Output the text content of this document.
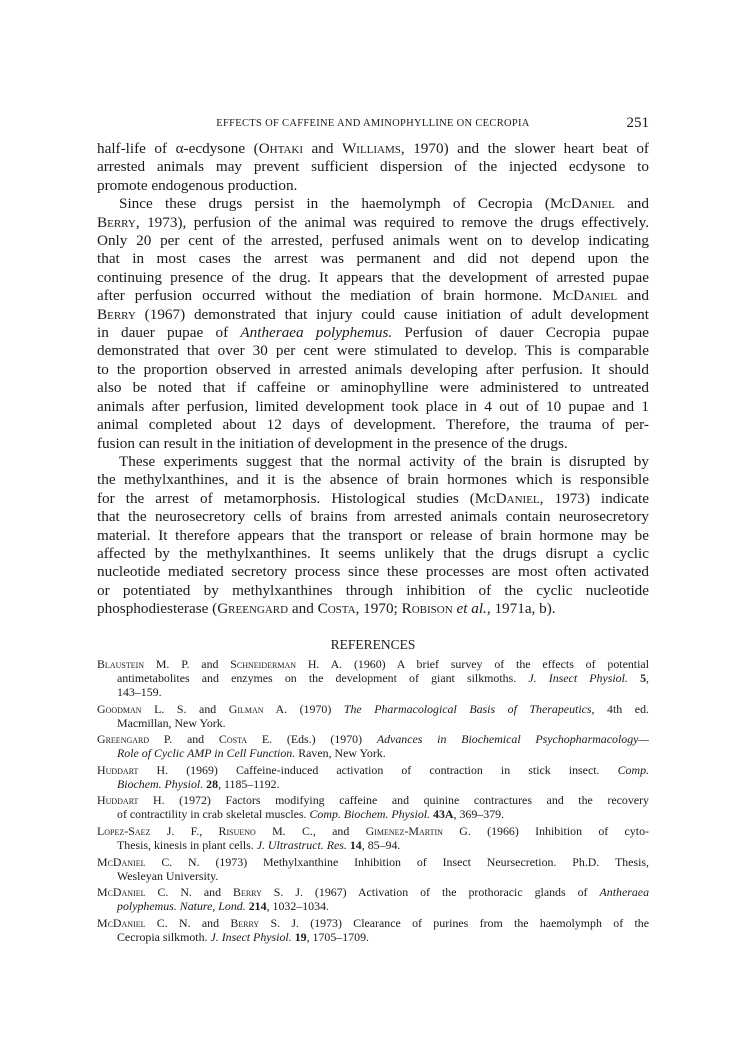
EFFECTS OF CAFFEINE AND AMINOPHYLLINE ON CECROPIA	251
half-life of α-ecdysone (Ohtaki and Williams, 1970) and the slower heart beat of
arrested animals may prevent sufficient dispersion of the injected ecdysone to
promote endogenous production.
Since these drugs persist in the haemolymph of Cecropia (McDaniel and
Berry, 1973), perfusion of the animal was required to remove the drugs effectively.
Only 20 per cent of the arrested, perfused animals went on to develop indicating
that in most cases the arrest was permanent and did not depend upon the
continuing presence of the drug. It appears that the development of arrested pupae
after perfusion occurred without the mediation of brain hormone. McDaniel and
Berry (1967) demonstrated that injury could cause initiation of adult development
in dauer pupae of Antheraea polyphemus. Perfusion of dauer Cecropia pupae
demonstrated that over 30 per cent were stimulated to develop. This is comparable
to the proportion observed in arrested animals developing after perfusion. It should
also be noted that if caffeine or aminophylline were administered to untreated
animals after perfusion, limited development took place in 4 out of 10 pupae and 1
animal completed about 12 days of development. Therefore, the trauma of per-
fusion can result in the initiation of development in the presence of the drugs.
These experiments suggest that the normal activity of the brain is disrupted by
the methylxanthines, and it is the absence of brain hormones which is responsible
for the arrest of metamorphosis. Histological studies (McDaniel, 1973) indicate
that the neurosecretory cells of brains from arrested animals contain neurosecretory
material. It therefore appears that the transport or release of brain hormone may be
affected by the methylxanthines. It seems unlikely that the drugs disrupt a cyclic
nucleotide mediated secretory process since these processes are most often activated
or potentiated by methylxanthines through inhibition of the cyclic nucleotide
phosphodiesterase (Greengard and Costa, 1970; Robison et al., 1971a, b).
REFERENCES
Blaustein M. P. and Schneiderman H. A. (1960) A brief survey of the effects of potential
antimetabolites and enzymes on the development of giant silkmoths. J. Insect Physiol. 5,
143–159.
Goodman L. S. and Gilman A. (1970) The Pharmacological Basis of Therapeutics, 4th ed.
Macmillan, New York.
Greengard P. and Costa E. (Eds.) (1970) Advances in Biochemical Psychopharmacology—
Role of Cyclic AMP in Cell Function. Raven, New York.
Huddart H. (1969) Caffeine-induced activation of contraction in stick insect. Comp.
Biochem. Physiol. 28, 1185–1192.
Huddart H. (1972) Factors modifying caffeine and quinine contractures and the recovery
of contractility in crab skeletal muscles. Comp. Biochem. Physiol. 43A, 369–379.
Lopez-Saez J. F., Risueno M. C., and Gimenez-Martin G. (1966) Inhibition of cyto-
Thesis, kinesis in plant cells. J. Ultrastruct. Res. 14, 85–94.
McDaniel C. N. (1973) Methylxanthine Inhibition of Insect Neursecretion. Ph.D. Thesis,
Wesleyan University.
McDaniel C. N. and Berry S. J. (1967) Activation of the prothoracic glands of Antheraea
polyphemus. Nature, Lond. 214, 1032–1034.
McDaniel C. N. and Berry S. J. (1973) Clearance of purines from the haemolymph of the
Cecropia silkmoth. J. Insect Physiol. 19, 1705–1709.
